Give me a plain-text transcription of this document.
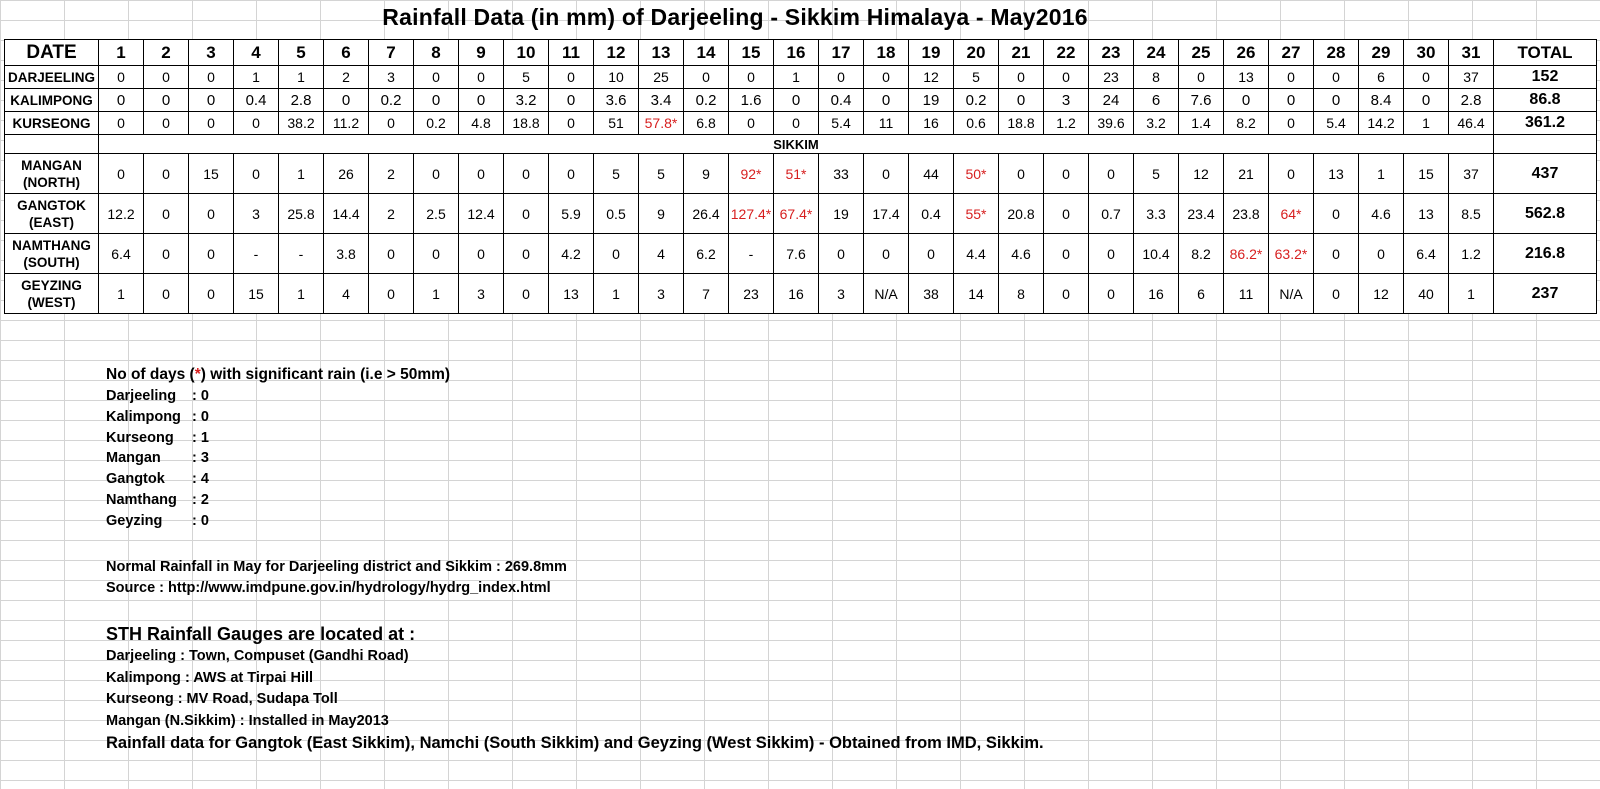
Rainfall Data (in mm) of Darjeeling - Sikkim Himalaya - May2016
DATE	1	2	3	4	5	6	7	8	9	10	11	12	13	14	15	16	17	18	19	20	21	22	23	24	25	26	27	28	29	30	31	TOTAL	
DARJEELING	0	0	0	1	1	2	3	0	0	5	0	10	25	0	0	1	0	0	12	5	0	0	23	8	0	13	0	0	6	0	37	152	
KALIMPONG	0	0	0	0.4	2.8	0	0.2	0	0	3.2	0	3.6	3.4	0.2	1.6	0	0.4	0	19	0.2	0	3	24	6	7.6	0	0	0	8.4	0	2.8	86.8	
KURSEONG	0	0	0	0	38.2	11.2	0	0.2	4.8	18.8	0	51	57.8*	6.8	0	0	5.4	11	16	0.6	18.8	1.2	39.6	3.2	1.4	8.2	0	5.4	14.2	1	46.4	361.2	
	SIKKIM																																
MANGAN
(NORTH)	0	0	15	0	1	26	2	0	0	0	0	5	5	9	92*	51*	33	0	44	50*	0	0	0	5	12	21	0	13	1	15	37	437	
GANGTOK
(EAST)	12.2	0	0	3	25.8	14.4	2	2.5	12.4	0	5.9	0.5	9	26.4	127.4*	67.4*	19	17.4	0.4	55*	20.8	0	0.7	3.3	23.4	23.8	64*	0	4.6	13	8.5	562.8	
NAMTHANG
(SOUTH)	6.4	0	0	-	-	3.8	0	0	0	0	4.2	0	4	6.2	-	7.6	0	0	0	4.4	4.6	0	0	10.4	8.2	86.2*	63.2*	0	0	6.4	1.2	216.8	
GEYZING
(WEST)	1	0	0	15	1	4	0	1	3	0	13	1	3	7	23	16	3	N/A	38	14	8	0	0	16	6	11	N/A	0	12	40	1	237	
No of days (*) with significant rain (i.e > 50mm)
Darjeeling	: 0
Kalimpong : 0
Kurseong	: 1
Mangan	: 3
Gangtok	: 4
Namthang	: 2
Geyzing	: 0
Normal Rainfall in May for Darjeeling district and Sikkim : 269.8mm
Source : http://www.imdpune.gov.in/hydrology/hydrg_index.html
STH Rainfall Gauges are located at :
Darjeeling : Town, Compuset (Gandhi Road)
Kalimpong : AWS at Tirpai Hill
Kurseong : MV Road, Sudapa Toll
Mangan (N.Sikkim) : Installed in May2013
Rainfall data for Gangtok (East Sikkim), Namchi (South Sikkim) and Geyzing (West Sikkim) - Obtained from IMD, Sikkim.
